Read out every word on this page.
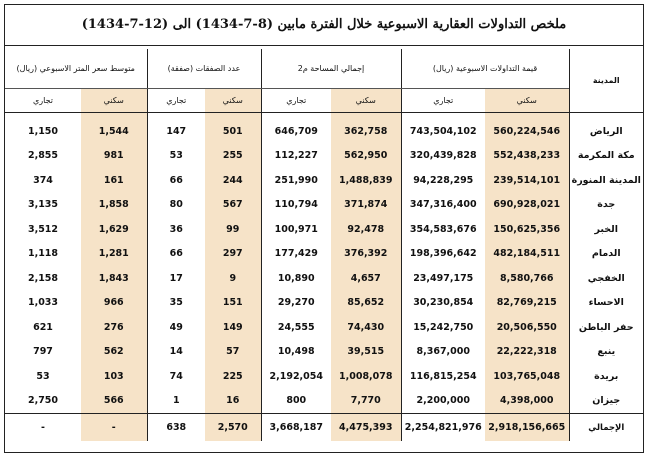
ملخص التداولات العقارية الاسبوعية خلال الفترة مابين (8-7-1434) الى (12-7-1434)
المدينة	قيمة التداولات الاسبوعية (ريال)		إجمالي المساحة م2		عدد الصفقات (صفقة)		متوسط سعر المتر الاسبوعي (ريال)	
	سكني	تجاري	سكني	تجاري	سكني	تجاري	سكني	تجاري
الرياض	560,224,546	743,504,102	362,758	646,709	501	147	1,544	1,150
مكة المكرمة	552,438,233	320,439,828	562,950	112,227	255	53	981	2,855
المدينة المنورة	239,514,101	94,228,295	1,488,839	251,990	244	66	161	374
جدة	690,928,021	347,316,400	371,874	110,794	567	80	1,858	3,135
الخبر	150,625,356	354,583,676	92,478	100,971	99	36	1,629	3,512
الدمام	482,184,511	198,396,642	376,392	177,429	297	66	1,281	1,118
الخفجي	8,580,766	23,497,175	4,657	10,890	9	17	1,843	2,158
الاحساء	82,769,215	30,230,854	85,652	29,270	151	35	966	1,033
حفر الباطن	20,506,550	15,242,750	74,430	24,555	149	49	276	621
ينبع	22,222,318	8,367,000	39,515	10,498	57	14	562	797
بريدة	103,765,048	116,815,254	1,008,078	2,192,054	225	74	103	53
جيزان	4,398,000	2,200,000	7,770	800	16	1	566	2,750
الإجمالي	2,918,156,665	2,254,821,976	4,475,393	3,668,187	2,570	638	-	-
